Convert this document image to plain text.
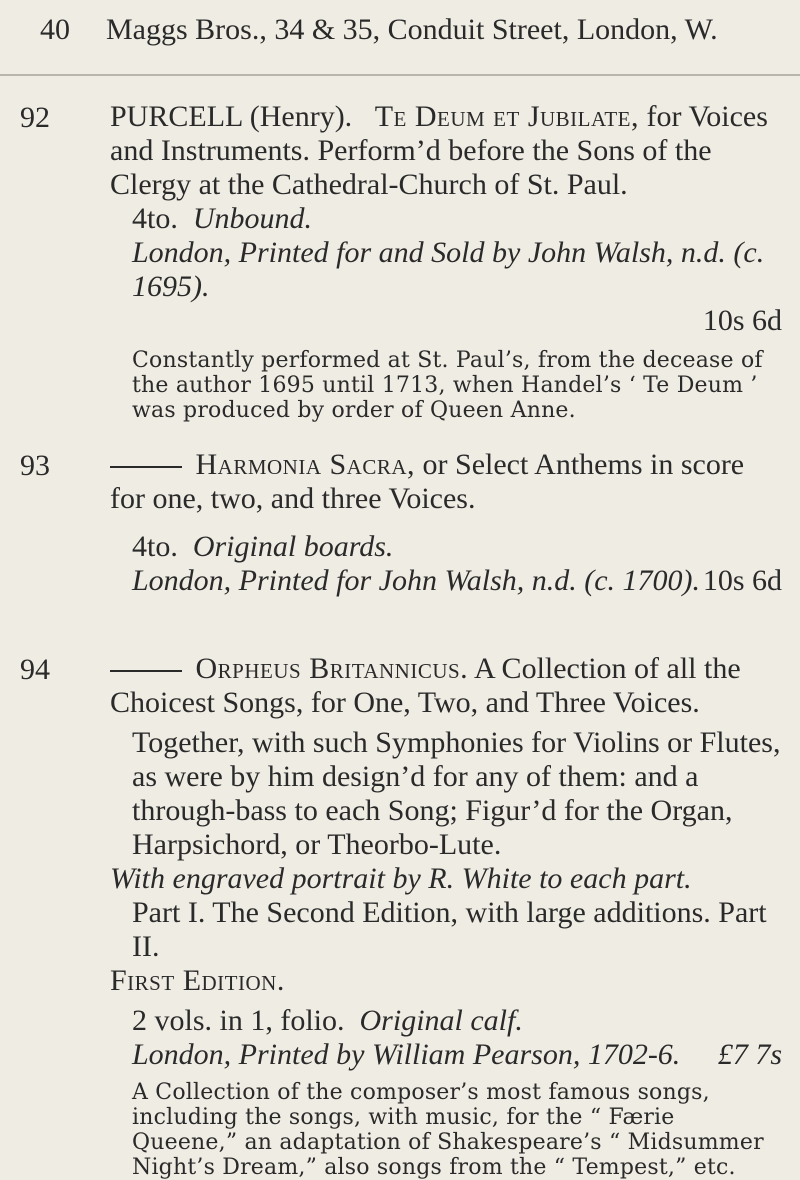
40 Maggs Bros., 34 & 35, Conduit Street, London, W.
92 PURCELL (Henry). Te Deum et Jubilate, for Voices and Instruments. Perform’d before the Sons of the Clergy at the Cathedral-Church of St. Paul.

4to. Unbound.

London, Printed for and Sold by John Walsh, n.d. (c. 1695).

10s 6d

Constantly performed at St. Paul’s, from the decease of the author 1695 until 1713, when Handel’s ‘ Te Deum ’ was produced by order of Queen Anne.

93	Harmonia Sacra, or Select Anthems in score for one, two, and three Voices.

4to. Original boards.

London, Printed for John Walsh, n.d. (c. 1700). 10s 6d

94	Orpheus Britannicus. A Collection of all the Choicest Songs, for One, Two, and Three Voices.

Together, with such Symphonies for Violins or Flutes, as were by him design’d for any of them: and a through-bass to each Song; Figur’d for the Organ, Harpsichord, or Theorbo-Lute.

With engraved portrait by R. White to each part.

Part I. The Second Edition, with large additions. Part II.

First Edition.

2 vols. in 1, folio. Original calf.

London, Printed by William Pearson, 1702-6. £7 7s

A Collection of the composer’s most famous songs, including the songs, with music, for the “ Færie Queene,” an adaptation of Shakespeare’s “ Midsummer Night’s Dream,” also songs from the “ Tempest,” etc.
